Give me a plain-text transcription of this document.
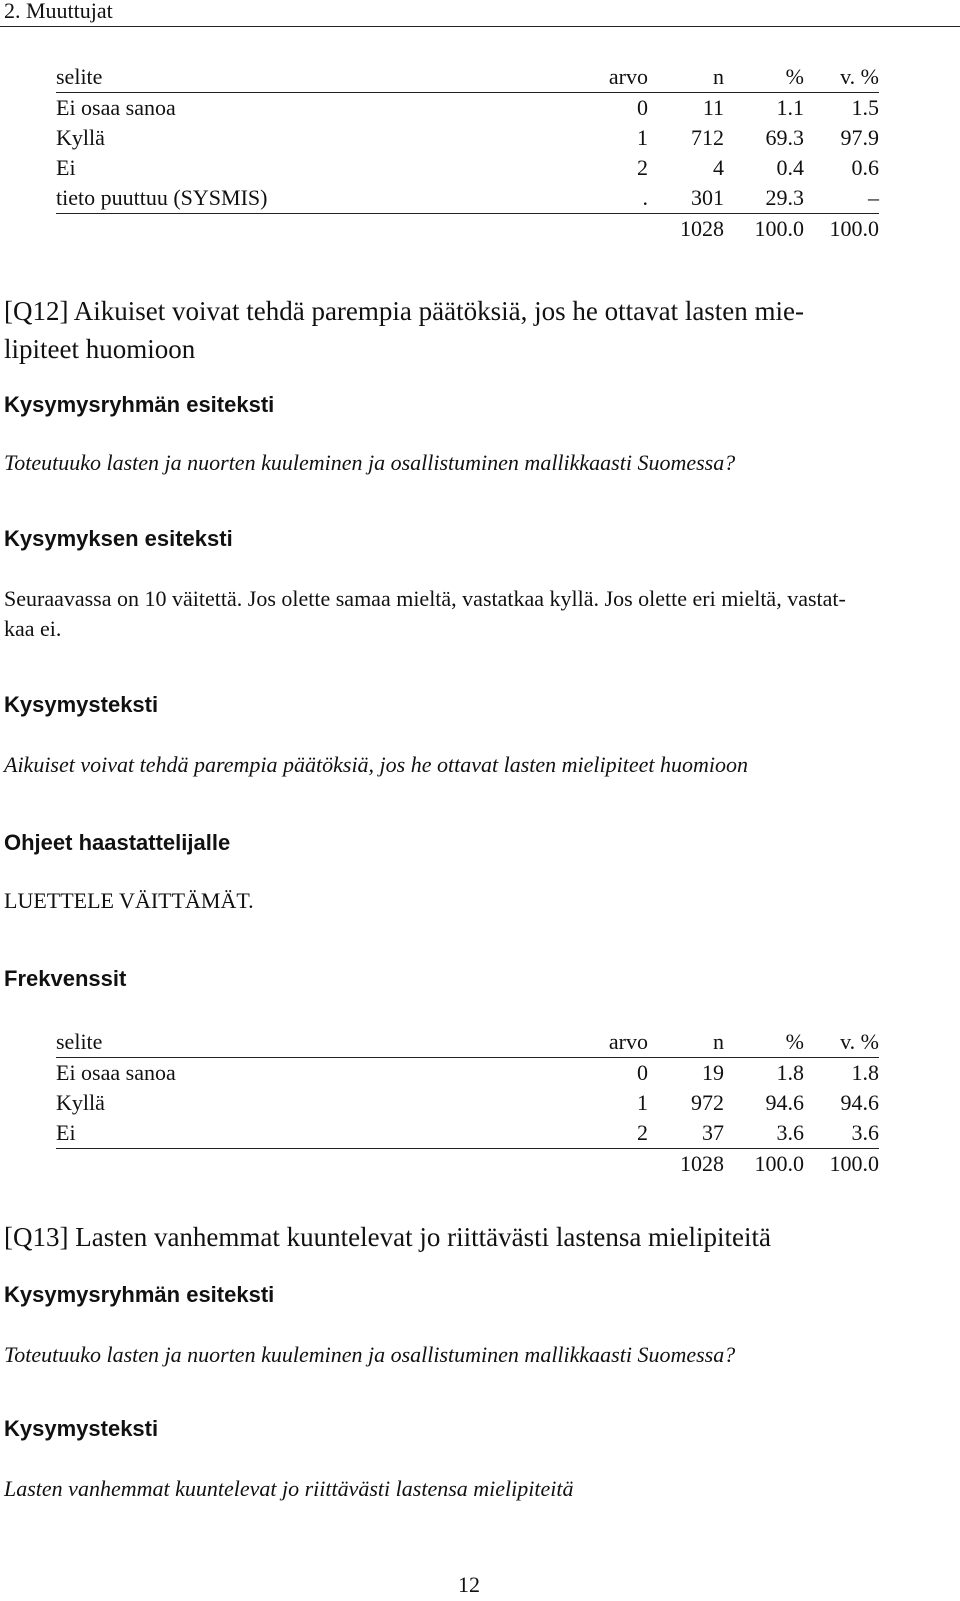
2. Muuttujat
selite	arvo	n	%	v. %
Ei osaa sanoa	0	11	1.1	1.5
Kyllä	1	712	69.3	97.9
Ei	2	4	0.4	0.6
tieto puuttuu (SYSMIS)	.	301	29.3	–
		1028	100.0	100.0
[Q12] Aikuiset voivat tehdä parempia päätöksiä, jos he ottavat lasten mie-
lipiteet huomioon
Kysymysryhmän esiteksti
Toteutuuko lasten ja nuorten kuuleminen ja osallistuminen mallikkaasti Suomessa?
Kysymyksen esiteksti
Seuraavassa on 10 väitettä. Jos olette samaa mieltä, vastatkaa kyllä. Jos olette eri mieltä, vastat-
kaa ei.
Kysymysteksti
Aikuiset voivat tehdä parempia päätöksiä, jos he ottavat lasten mielipiteet huomioon
Ohjeet haastattelijalle
LUETTELE VÄITTÄMÄT.
Frekvenssit
selite	arvo	n	%	v. %
Ei osaa sanoa	0	19	1.8	1.8
Kyllä	1	972	94.6	94.6
Ei	2	37	3.6	3.6
		1028	100.0	100.0
[Q13] Lasten vanhemmat kuuntelevat jo riittävästi lastensa mielipiteitä
Kysymysryhmän esiteksti
Toteutuuko lasten ja nuorten kuuleminen ja osallistuminen mallikkaasti Suomessa?
Kysymysteksti
Lasten vanhemmat kuuntelevat jo riittävästi lastensa mielipiteitä
12
